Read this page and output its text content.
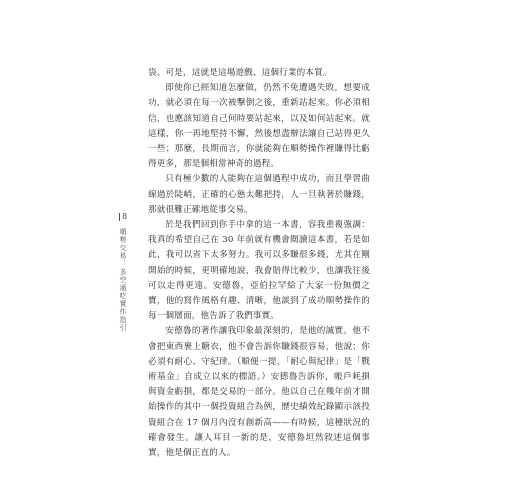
8
順勢交易：多空通吃實作指引

袋。可是，這就是這場遊戲、這個行業的本質。

即使你已經知道怎麼做，仍然不免遭遇失敗，想要成功，就必須在每一次被擊倒之後，重新站起來。你必須相信，也應該知道自己何時要站起來，以及如何站起來。就這樣，你一再地堅持不懈，然後想盡辦法讓自己站得更久一些；那麼，長期而言，你就能夠在順勢操作裡賺得比虧得更多，那是個相當神奇的過程。

只有極少數的人能夠在這個過程中成功，而且學習曲線過於陡峭，正確的心態太難把持，人一旦執著於賺錢，那就很難正確地從事交易。

於是我們回到你手中拿的這一本書，容我重複強調：我真的希望自己在 30 年前就有機會閱讀這本書，若是如此，我可以省下太多努力。我可以多賺很多錢，尤其在剛開始的時候，更明確地說，我會賠得比較少，也讓我往後可以走得更遠。安德魯，亞伯拉罕給了大家一份無價之寶，他的寫作風格有趣、清晰，他談到了成功順勢操作的每一個層面，他告訴了我們事實。

安德魯的著作讓我印象最深刻的，是他的誠實。他不會把東西裹上糖衣，他不會告訴你賺錢很容易，他說：你必須有耐心、守紀律。（順便一提，「耐心與紀律」是「戰術基金」自成立以來的標語。）安德魯告訴你，帳戶耗損與資金虧損，都是交易的一部分。他以自己在幾年前才開始操作的其中一個投資組合為例，歷史績效紀錄顯示該投資組合在 17 個月內沒有創新高——有時候，這種狀況的確會發生。讓人耳目一新的是，安德魯坦然敘述這個事實，他是個正直的人。
